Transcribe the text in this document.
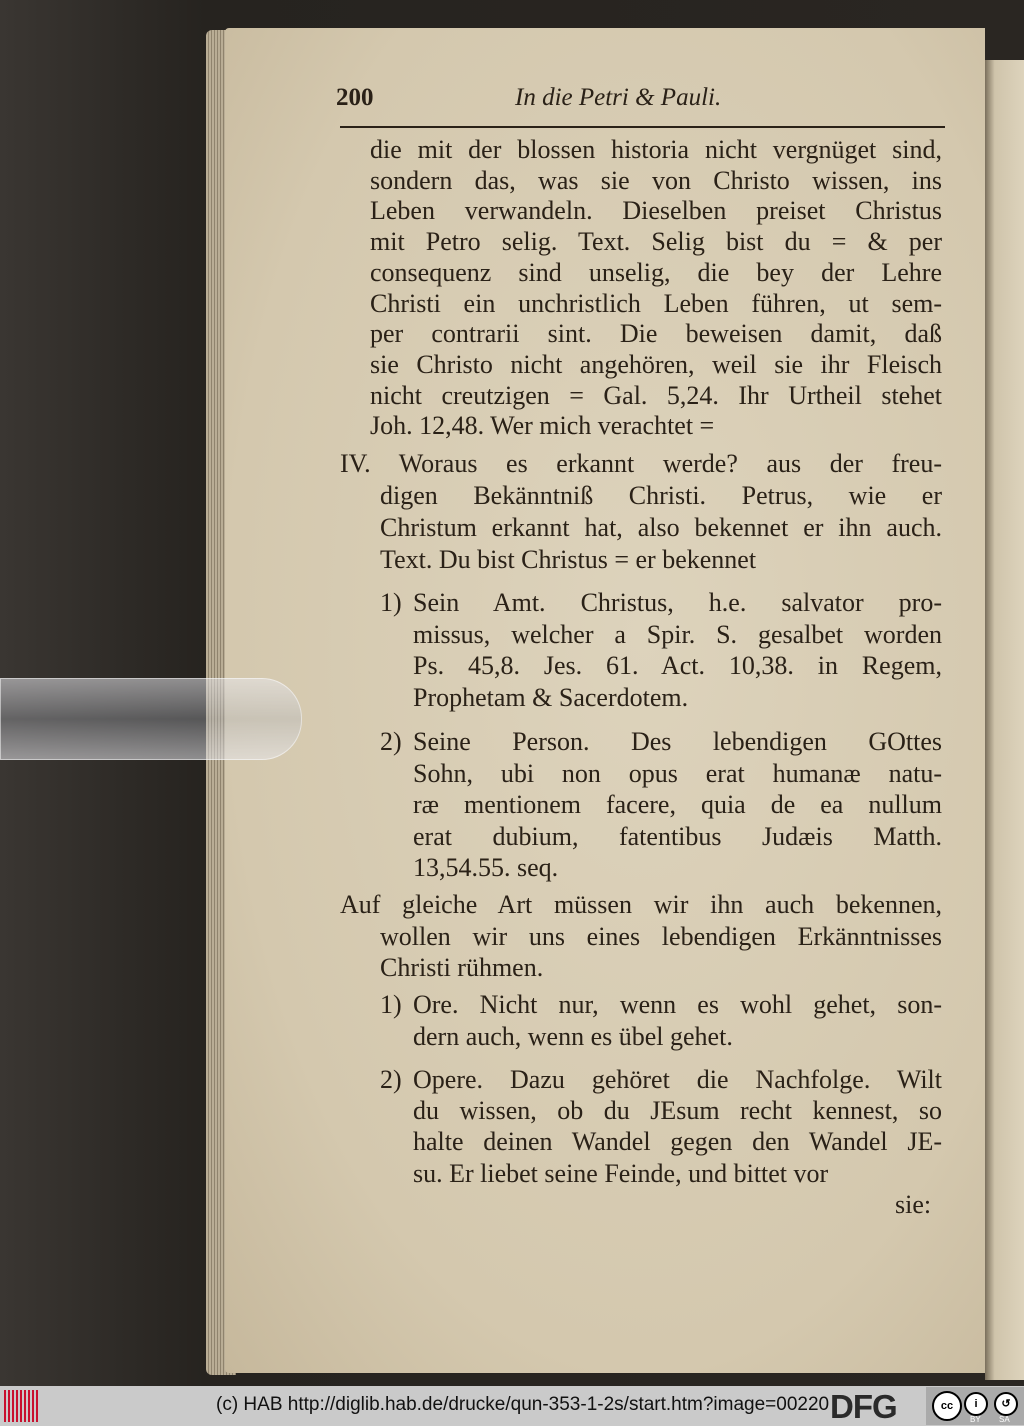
200	In die Petri & Pauli.
die mit der blossen historia nicht vergnüget sind,
sondern das, was sie von Christo wissen, ins
Leben verwandeln. Dieselben preiset Christus
mit Petro selig. Text. Selig bist du = & per
consequenz sind unselig, die bey der Lehre
Christi ein unchristlich Leben führen, ut sem-
per contrarii sint. Die beweisen damit, daß
sie Christo nicht angehören, weil sie ihr Fleisch
nicht creutzigen = Gal. 5,24. Ihr Urtheil stehet
Joh. 12,48. Wer mich verachtet =
IV. Woraus es erkannt werde? aus der freu-
digen Bekänntniß Christi. Petrus, wie er
Christum erkannt hat, also bekennet er ihn auch.
Text. Du bist Christus = er bekennet
Sein Amt. Christus, h.e. salvator pro-
missus, welcher a Spir. S. gesalbet worden
Ps. 45,8. Jes. 61. Act. 10,38. in Regem,
Prophetam & Sacerdotem.
Seine Person. Des lebendigen GOttes
Sohn, ubi non opus erat humanæ natu-
ræ mentionem facere, quia de ea nullum
erat dubium, fatentibus Judæis Matth.
13,54.55. seq.
Auf gleiche Art müssen wir ihn auch bekennen,
wollen wir uns eines lebendigen Erkänntnisses
Christi rühmen.
Ore. Nicht nur, wenn es wohl gehet, son-
dern auch, wenn es übel gehet.
Opere. Dazu gehöret die Nachfolge. Wilt
du wissen, ob du JEsum recht kennest, so
halte deinen Wandel gegen den Wandel JE-
su. Er liebet seine Feinde, und bittet vor
1)
2)
1)
2)
sie:
(c) HAB http://diglib.hab.de/drucke/qun-353-1-2s/start.htm?image=00220 DFG	cc	i	↺
BY SA
